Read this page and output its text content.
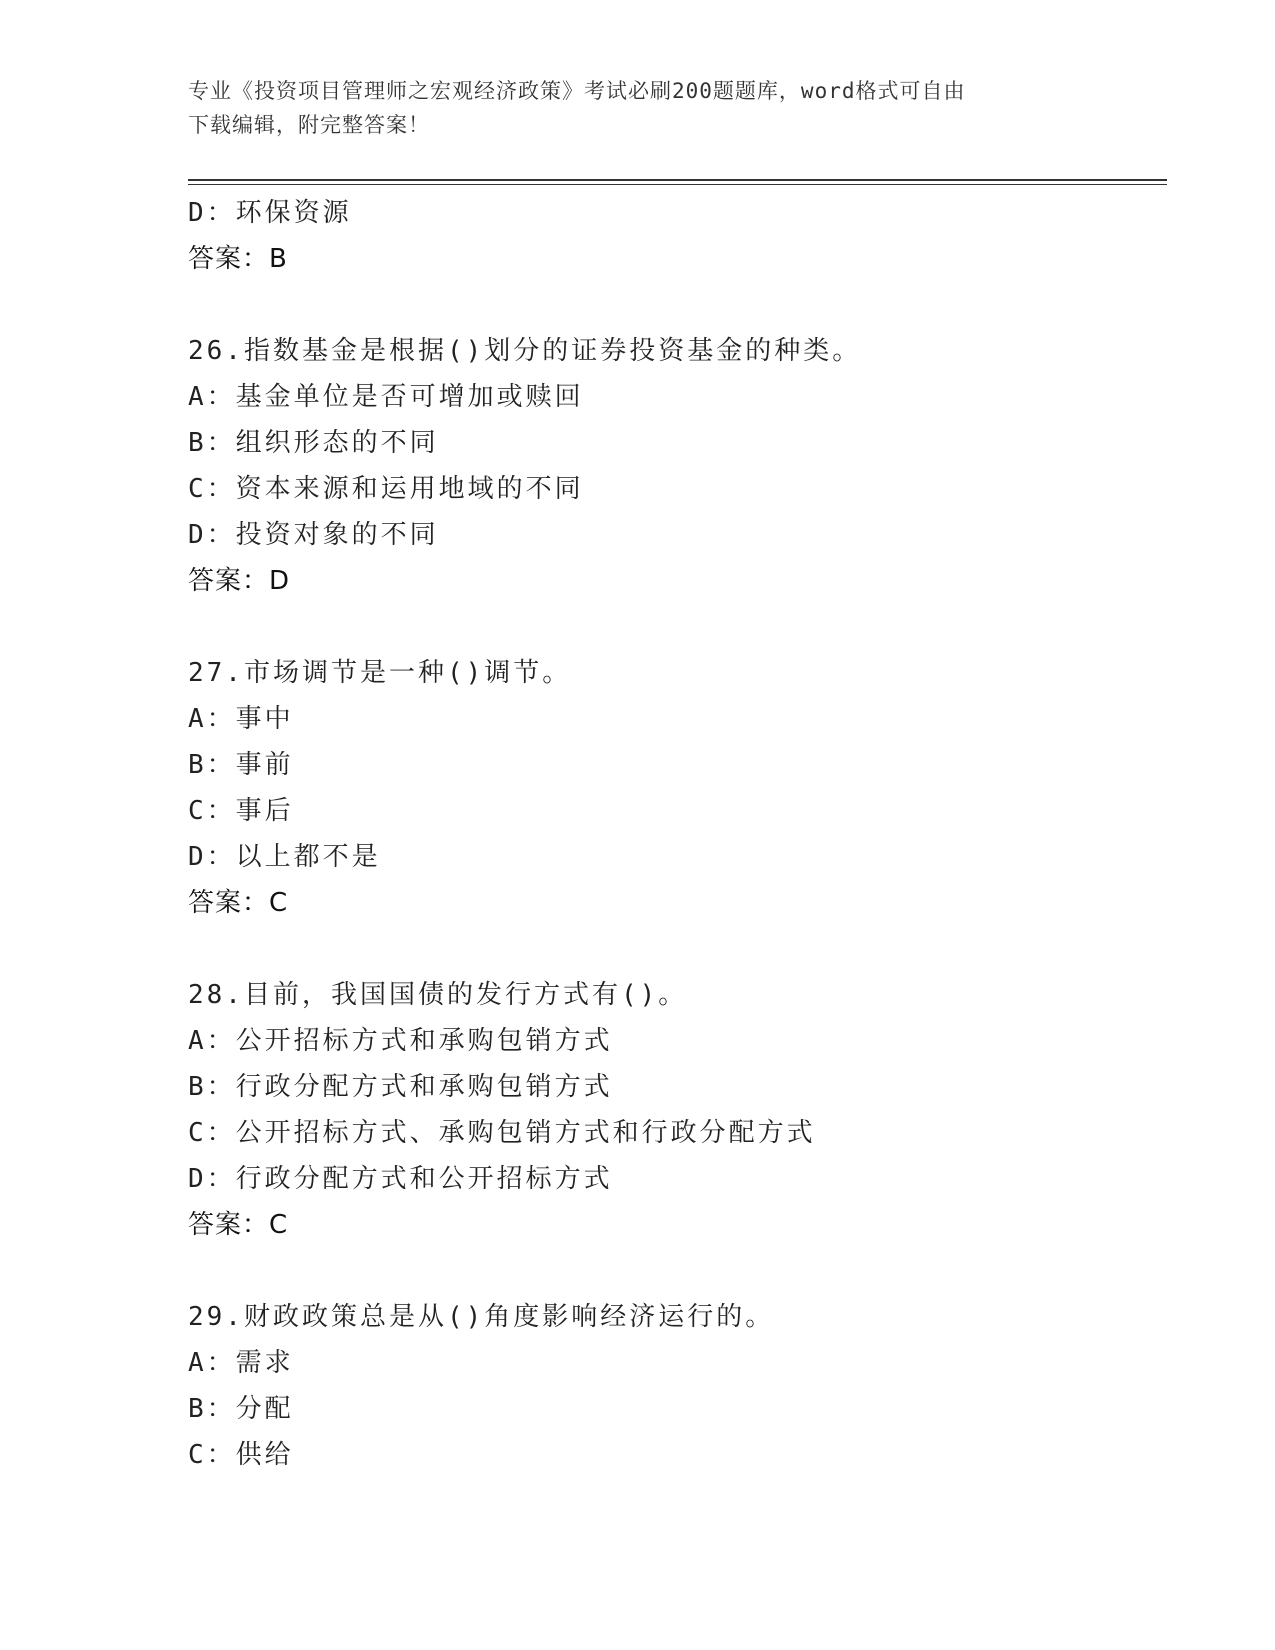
专业《投资项目管理师之宏观经济政策》考试必刷200题题库，word格式可自由
下载编辑，附完整答案！
D：环保资源
答案：B
26.指数基金是根据()划分的证券投资基金的种类。
A：基金单位是否可增加或赎回
B：组织形态的不同
C：资本来源和运用地域的不同
D：投资对象的不同
答案：D
27.市场调节是一种()调节。
A：事中
B：事前
C：事后
D：以上都不是
答案：C
28.目前，我国国债的发行方式有()。
A：公开招标方式和承购包销方式
B：行政分配方式和承购包销方式
C：公开招标方式、承购包销方式和行政分配方式
D：行政分配方式和公开招标方式
答案：C
29.财政政策总是从()角度影响经济运行的。
A：需求
B：分配
C：供给
